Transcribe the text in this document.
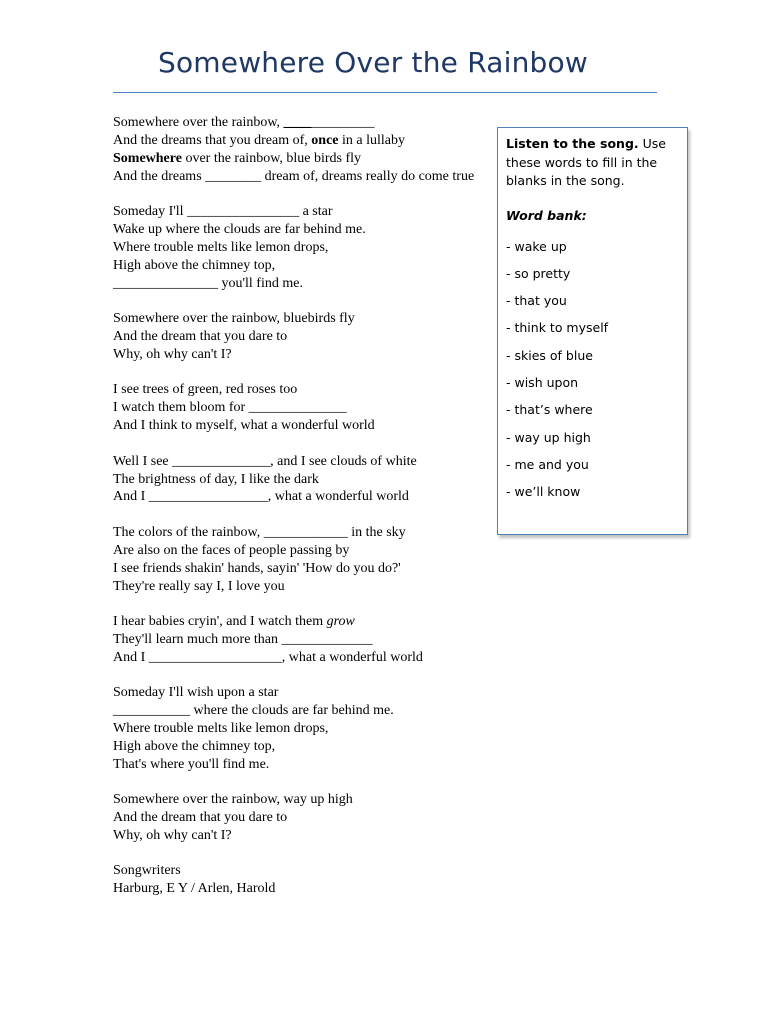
Somewhere Over the Rainbow
Somewhere over the rainbow, _____________
And the dreams that you dream of, once in a lullaby
Somewhere over the rainbow, blue birds fly
And the dreams ________ dream of, dreams really do come true
Someday I'll ________________ a star
Wake up where the clouds are far behind me.
Where trouble melts like lemon drops,
High above the chimney top,
_______________ you'll find me.
Somewhere over the rainbow, bluebirds fly
And the dream that you dare to
Why, oh why can't I?
I see trees of green, red roses too
I watch them bloom for ______________
And I think to myself, what a wonderful world
Well I see ______________, and I see clouds of white
The brightness of day, I like the dark
And I _________________, what a wonderful world
The colors of the rainbow, ____________ in the sky
Are also on the faces of people passing by
I see friends shakin' hands, sayin' 'How do you do?'
They're really say I, I love you
I hear babies cryin', and I watch them grow
They'll learn much more than _____________
And I ___________________, what a wonderful world
Someday I'll wish upon a star
___________ where the clouds are far behind me.
Where trouble melts like lemon drops,
High above the chimney top,
That's where you'll find me.
Somewhere over the rainbow, way up high
And the dream that you dare to
Why, oh why can't I?
Songwriters
Harburg, E Y / Arlen, Harold

Listen to the song. Use these words to fill in the blanks in the song.

Word bank:
- wake up
- so pretty
- that you
- think to myself
- skies of blue
- wish upon
- that’s where
- way up high
- me and you
- we’ll know
